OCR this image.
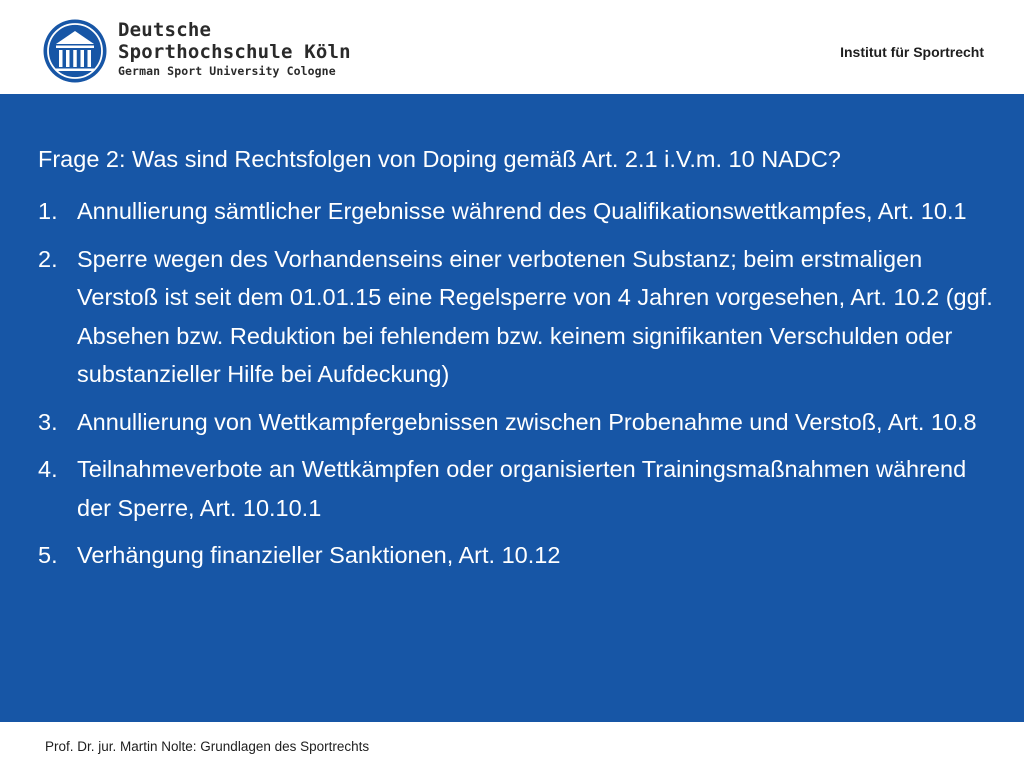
Deutsche
Sporthochschule Köln
German Sport University Cologne
Institut für Sportrecht
Frage 2: Was sind Rechtsfolgen von Doping gemäß Art. 2.1 i.V.m. 10 NADC?
1. Annullierung sämtlicher Ergebnisse während des Qualifikationswettkampfes, Art. 10.1
2. Sperre wegen des Vorhandenseins einer verbotenen Substanz; beim erstmaligen Verstoß ist seit dem 01.01.15 eine Regelsperre von 4 Jahren vorgesehen, Art. 10.2 (ggf. Absehen bzw. Reduktion bei fehlendem bzw. keinem signifikanten Verschulden oder substanzieller Hilfe bei Aufdeckung)
3. Annullierung von Wettkampfergebnissen zwischen Probenahme und Verstoß, Art. 10.8
4. Teilnahmeverbote an Wettkämpfen oder organisierten Trainingsmaßnahmen während der Sperre, Art. 10.10.1
5. Verhängung finanzieller Sanktionen, Art. 10.12
Prof. Dr. jur. Martin Nolte: Grundlagen des Sportrechts
